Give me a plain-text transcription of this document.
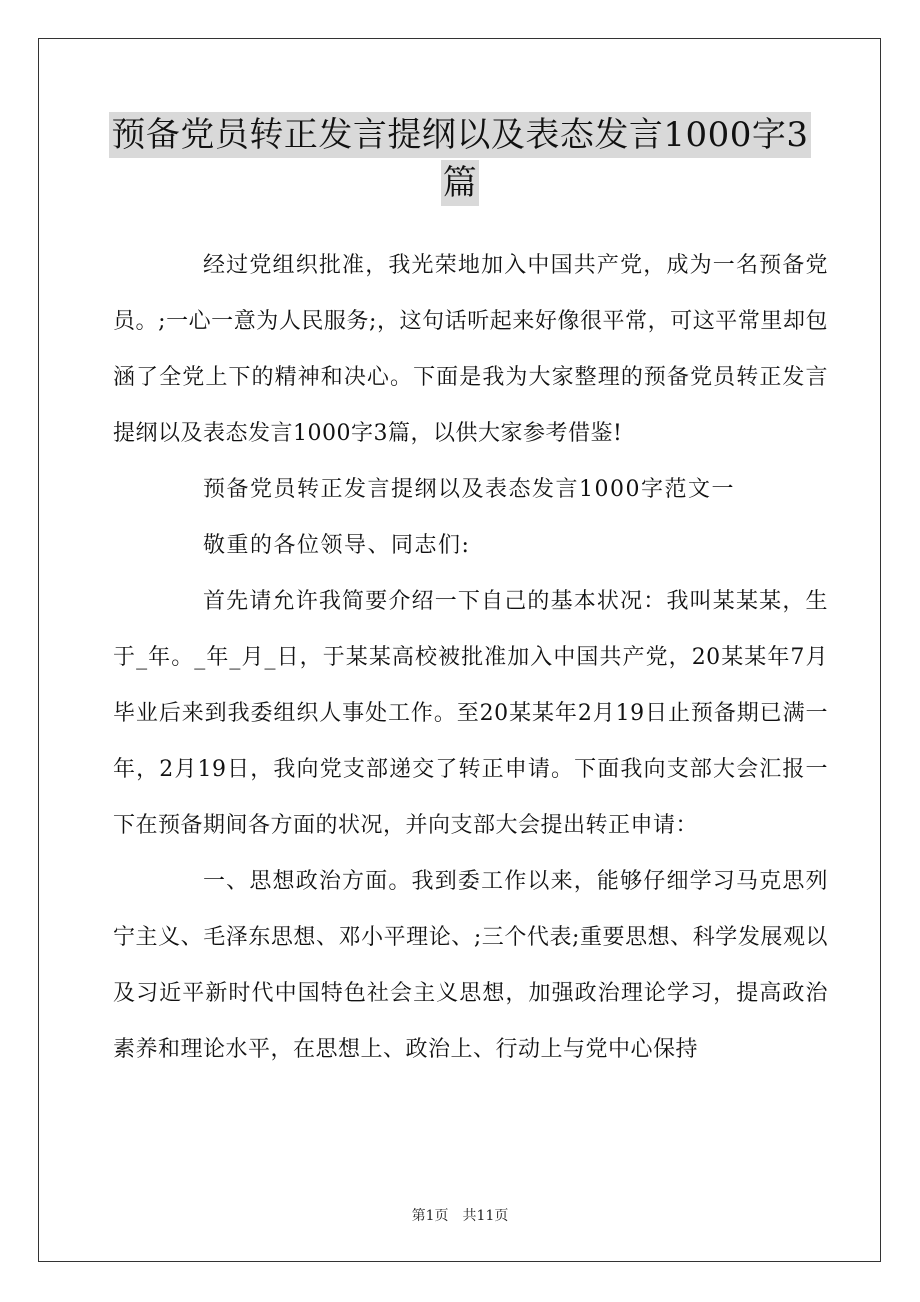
预备党员转正发言提纲以及表态发言1000字3
篇

经过党组织批准，我光荣地加入中国共产党，成为一名预备党员。;一心一意为人民服务;，这句话听起来好像很平常，可这平常里却包涵了全党上下的精神和决心。下面是我为大家整理的预备党员转正发言提纲以及表态发言1000字3篇，以供大家参考借鉴!

预备党员转正发言提纲以及表态发言1000字范文一

敬重的各位领导、同志们:

首先请允许我简要介绍一下自己的基本状况：我叫某某某，生于_年。_年_月_日，于某某高校被批准加入中国共产党，20某某年7月毕业后来到我委组织人事处工作。至20某某年2月19日止预备期已满一年，2月19日，我向党支部递交了转正申请。下面我向支部大会汇报一下在预备期间各方面的状况，并向支部大会提出转正申请：

一、思想政治方面。我到委工作以来，能够仔细学习马克思列宁主义、毛泽东思想、邓小平理论、;三个代表;重要思想、科学发展观以及习近平新时代中国特色社会主义思想，加强政治理论学习，提高政治素养和理论水平，在思想上、政治上、行动上与党中心保持

第1页 共11页
